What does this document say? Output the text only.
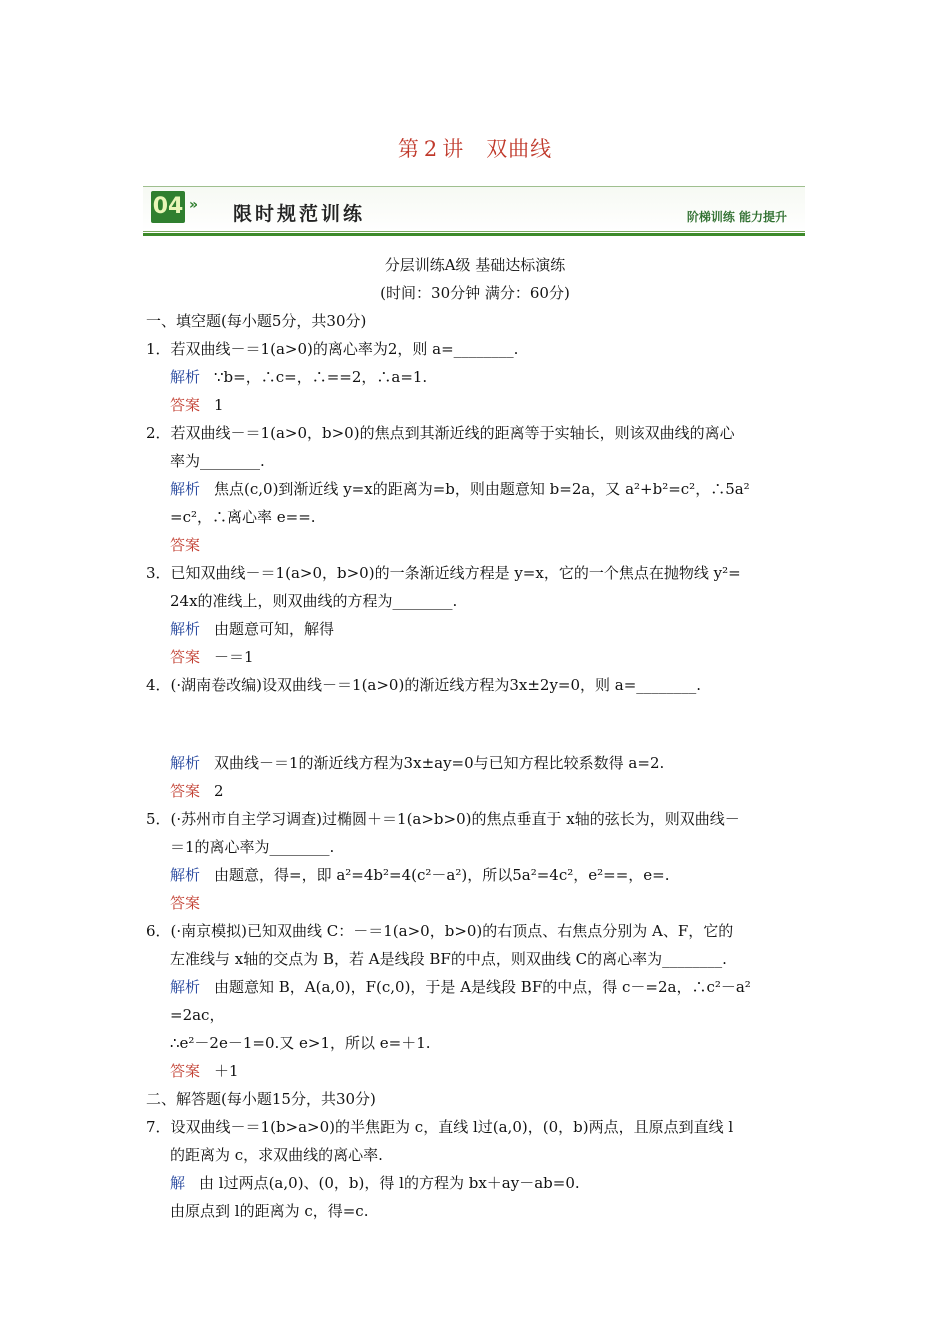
第 2 讲 双曲线
04 » 限时规范训练	阶梯训练 能力提升
分层训练A级 基础达标演练
(时间：30分钟 满分：60分)
一、填空题(每小题5分，共30分)
1．若双曲线－＝1(a>0)的离心率为2，则 a=________.
解析 ∵b=，∴c=，∴==2，∴a=1.
答案 1
2．若双曲线－＝1(a>0，b>0)的焦点到其渐近线的距离等于实轴长，则该双曲线的离心
率为________.
解析 焦点(c,0)到渐近线 y=x的距离为=b，则由题意知 b=2a，又 a²+b²=c²，∴5a²
=c²，∴离心率 e==.
答案
3．已知双曲线－＝1(a>0，b>0)的一条渐近线方程是 y=x，它的一个焦点在抛物线 y²=
24x的准线上，则双曲线的方程为________.
解析 由题意可知，解得
答案 －＝1
4．(·湖南卷改编)设双曲线－＝1(a>0)的渐近线方程为3x±2y=0，则 a=________.
解析 双曲线－＝1的渐近线方程为3x±ay=0与已知方程比较系数得 a=2.
答案 2
5．(·苏州市自主学习调查)过椭圆＋＝1(a>b>0)的焦点垂直于 x轴的弦长为，则双曲线－
＝1的离心率为________.
解析 由题意，得=，即 a²=4b²=4(c²－a²)，所以5a²=4c²，e²==，e=.
答案
6．(·南京模拟)已知双曲线 C：－＝1(a>0，b>0)的右顶点、右焦点分别为 A、F，它的
左准线与 x轴的交点为 B，若 A是线段 BF的中点，则双曲线 C的离心率为________.
解析 由题意知 B，A(a,0)，F(c,0)，于是 A是线段 BF的中点，得 c－=2a，∴c²－a²
=2ac，
∴e²－2e－1=0.又 e>1，所以 e=＋1.
答案 ＋1
二、解答题(每小题15分，共30分)
7．设双曲线－＝1(b>a>0)的半焦距为 c，直线 l过(a,0)，(0，b)两点，且原点到直线 l
的距离为 c，求双曲线的离心率.
解 由 l过两点(a,0)、(0，b)，得 l的方程为 bx＋ay－ab=0.
由原点到 l的距离为 c，得=c.
